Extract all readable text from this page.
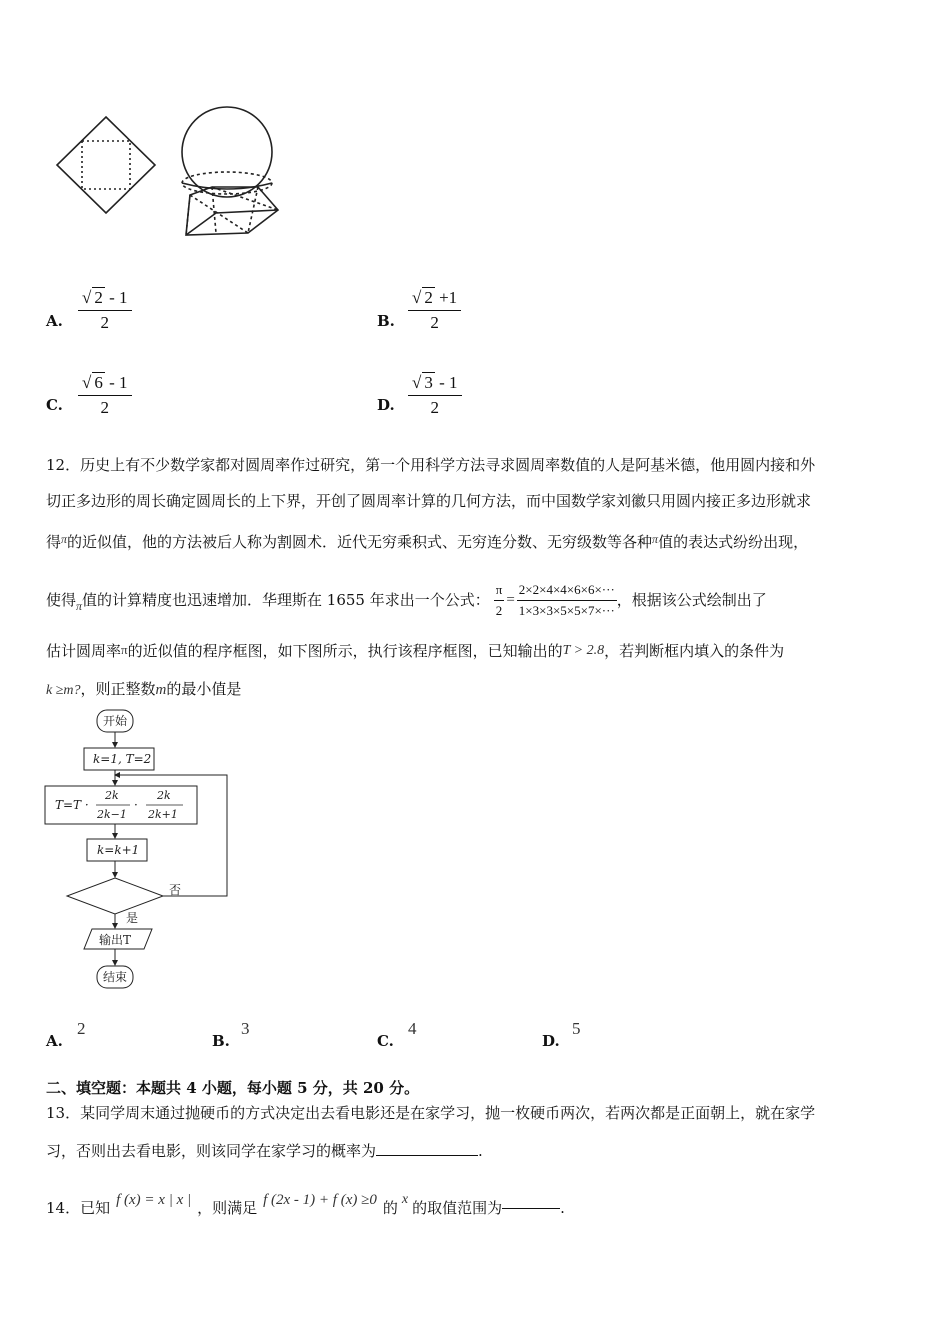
A. $\frac{√ 2 - 1}{2}$	B. $\frac{√ 2 +1}{2}$
C. $\frac{√ 6 - 1}{2}$	D. $\frac{√ 3 - 1}{2}$
12．历史上有不少数学家都对圆周率作过研究，第一个用科学方法寻求圆周率数值的人是阿基米德，他用圆内接和外
切正多边形的周长确定圆周长的上下界，开创了圆周率计算的几何方法，而中国数学家刘徽只用圆内接正多边形就求
得$^\pi$的近似值，他的方法被后人称为割圆术．近代无穷乘积式、无穷连分数、无穷级数等各种$^\pi$值的表达式纷纷出现，
使得 π 值的计算精度也迅速增加．华理斯在 1655 年求出一个公式： $\frac{\pi}{2} = \frac{2\times 2\times 4\times 4\times 6\times 6\times\cdot\cdot\cdot}{1\times 3\times 3\times 5\times 5\times 7\times\cdot\cdot\cdot}$ ，根据该公式绘制出了
估计圆周率π的近似值的程序框图，如下图所示，执行该程序框图，已知输出的T > 2.8，若判断框内填入的条件为
k ≥m?，则正整数m的最小值是
开始
k=1, T=2
T=T ·
2k
2k−1
·
2k
2k+1
k=k+1
否
是
输出T
结束
A.
2
B.
3
C.
4
D.
5
二、填空题：本题共 4 小题，每小题 5 分，共 20 分。
13．某同学周末通过抛硬币的方式决定出去看电影还是在家学习，抛一枚硬币两次，若两次都是正面朝上，就在家学
习，否则出去看电影，则该同学在家学习的概率为	.
14．已知 f (x) = x | x | ，则满足 f (2x - 1) + f (x) ≥0 的 x 的取值范围为	.
